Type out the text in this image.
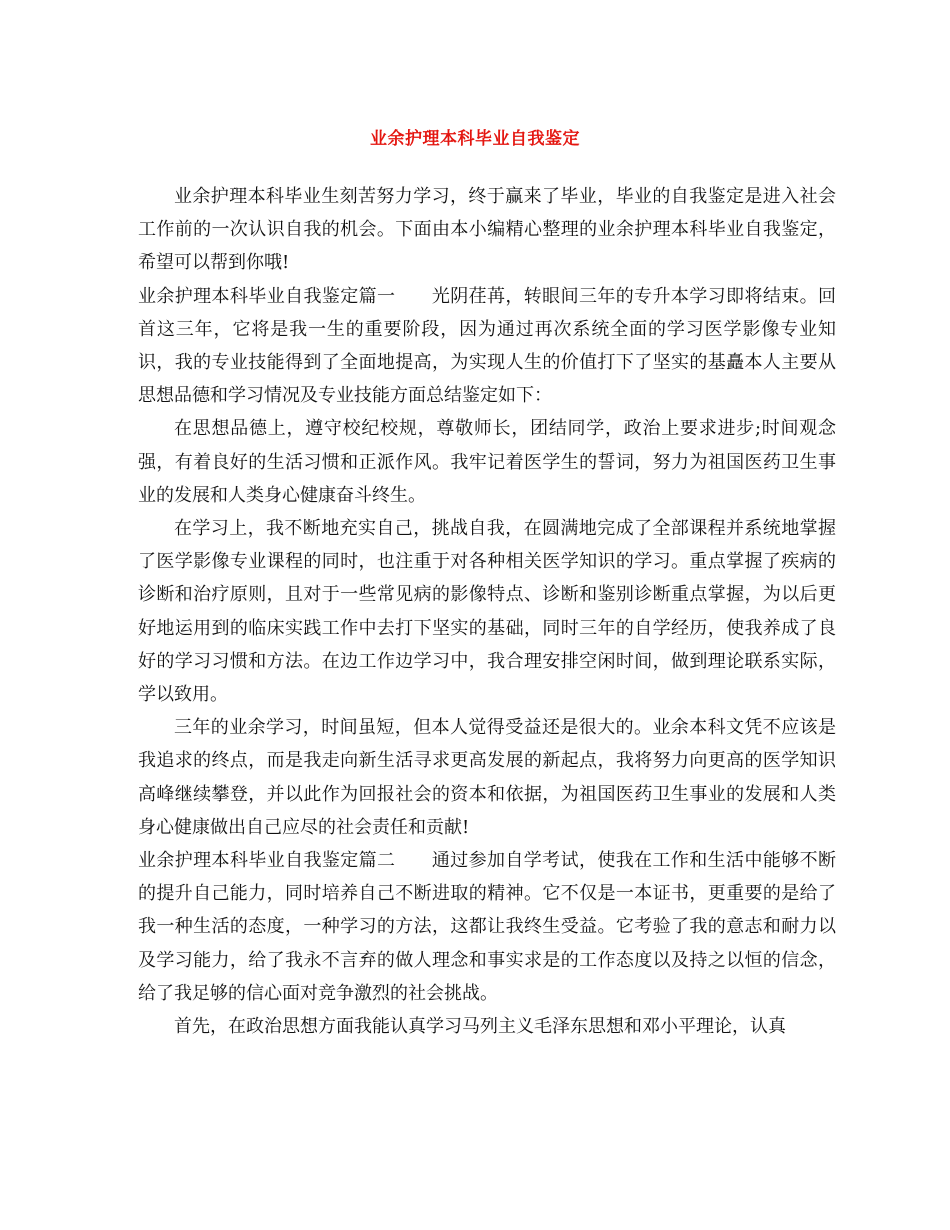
业余护理本科毕业自我鉴定

业余护理本科毕业生刻苦努力学习，终于赢来了毕业，毕业的自我鉴定是进入社会工作前的一次认识自我的机会。下面由本小编精心整理的业余护理本科毕业自我鉴定，希望可以帮到你哦!

业余护理本科毕业自我鉴定篇一 光阴荏苒，转眼间三年的专升本学习即将结束。回首这三年，它将是我一生的重要阶段，因为通过再次系统全面的学习医学影像专业知识，我的专业技能得到了全面地提高，为实现人生的价值打下了坚实的基矗本人主要从思想品德和学习情况及专业技能方面总结鉴定如下：

在思想品德上，遵守校纪校规，尊敬师长，团结同学，政治上要求进步;时间观念强，有着良好的生活习惯和正派作风。我牢记着医学生的誓词，努力为祖国医药卫生事业的发展和人类身心健康奋斗终生。

在学习上，我不断地充实自己，挑战自我，在圆满地完成了全部课程并系统地掌握了医学影像专业课程的同时，也注重于对各种相关医学知识的学习。重点掌握了疾病的诊断和治疗原则，且对于一些常见病的影像特点、诊断和鉴别诊断重点掌握，为以后更好地运用到的临床实践工作中去打下坚实的基础，同时三年的自学经历，使我养成了良好的学习习惯和方法。在边工作边学习中，我合理安排空闲时间，做到理论联系实际，学以致用。

三年的业余学习，时间虽短，但本人觉得受益还是很大的。业余本科文凭不应该是我追求的终点，而是我走向新生活寻求更高发展的新起点，我将努力向更高的医学知识高峰继续攀登，并以此作为回报社会的资本和依据，为祖国医药卫生事业的发展和人类身心健康做出自己应尽的社会责任和贡献!

业余护理本科毕业自我鉴定篇二 通过参加自学考试，使我在工作和生活中能够不断的提升自己能力，同时培养自己不断进取的精神。它不仅是一本证书，更重要的是给了我一种生活的态度，一种学习的方法，这都让我终生受益。它考验了我的意志和耐力以及学习能力，给了我永不言弃的做人理念和事实求是的工作态度以及持之以恒的信念，给了我足够的信心面对竞争激烈的社会挑战。

首先，在政治思想方面我能认真学习马列主义毛泽东思想和邓小平理论，认真
